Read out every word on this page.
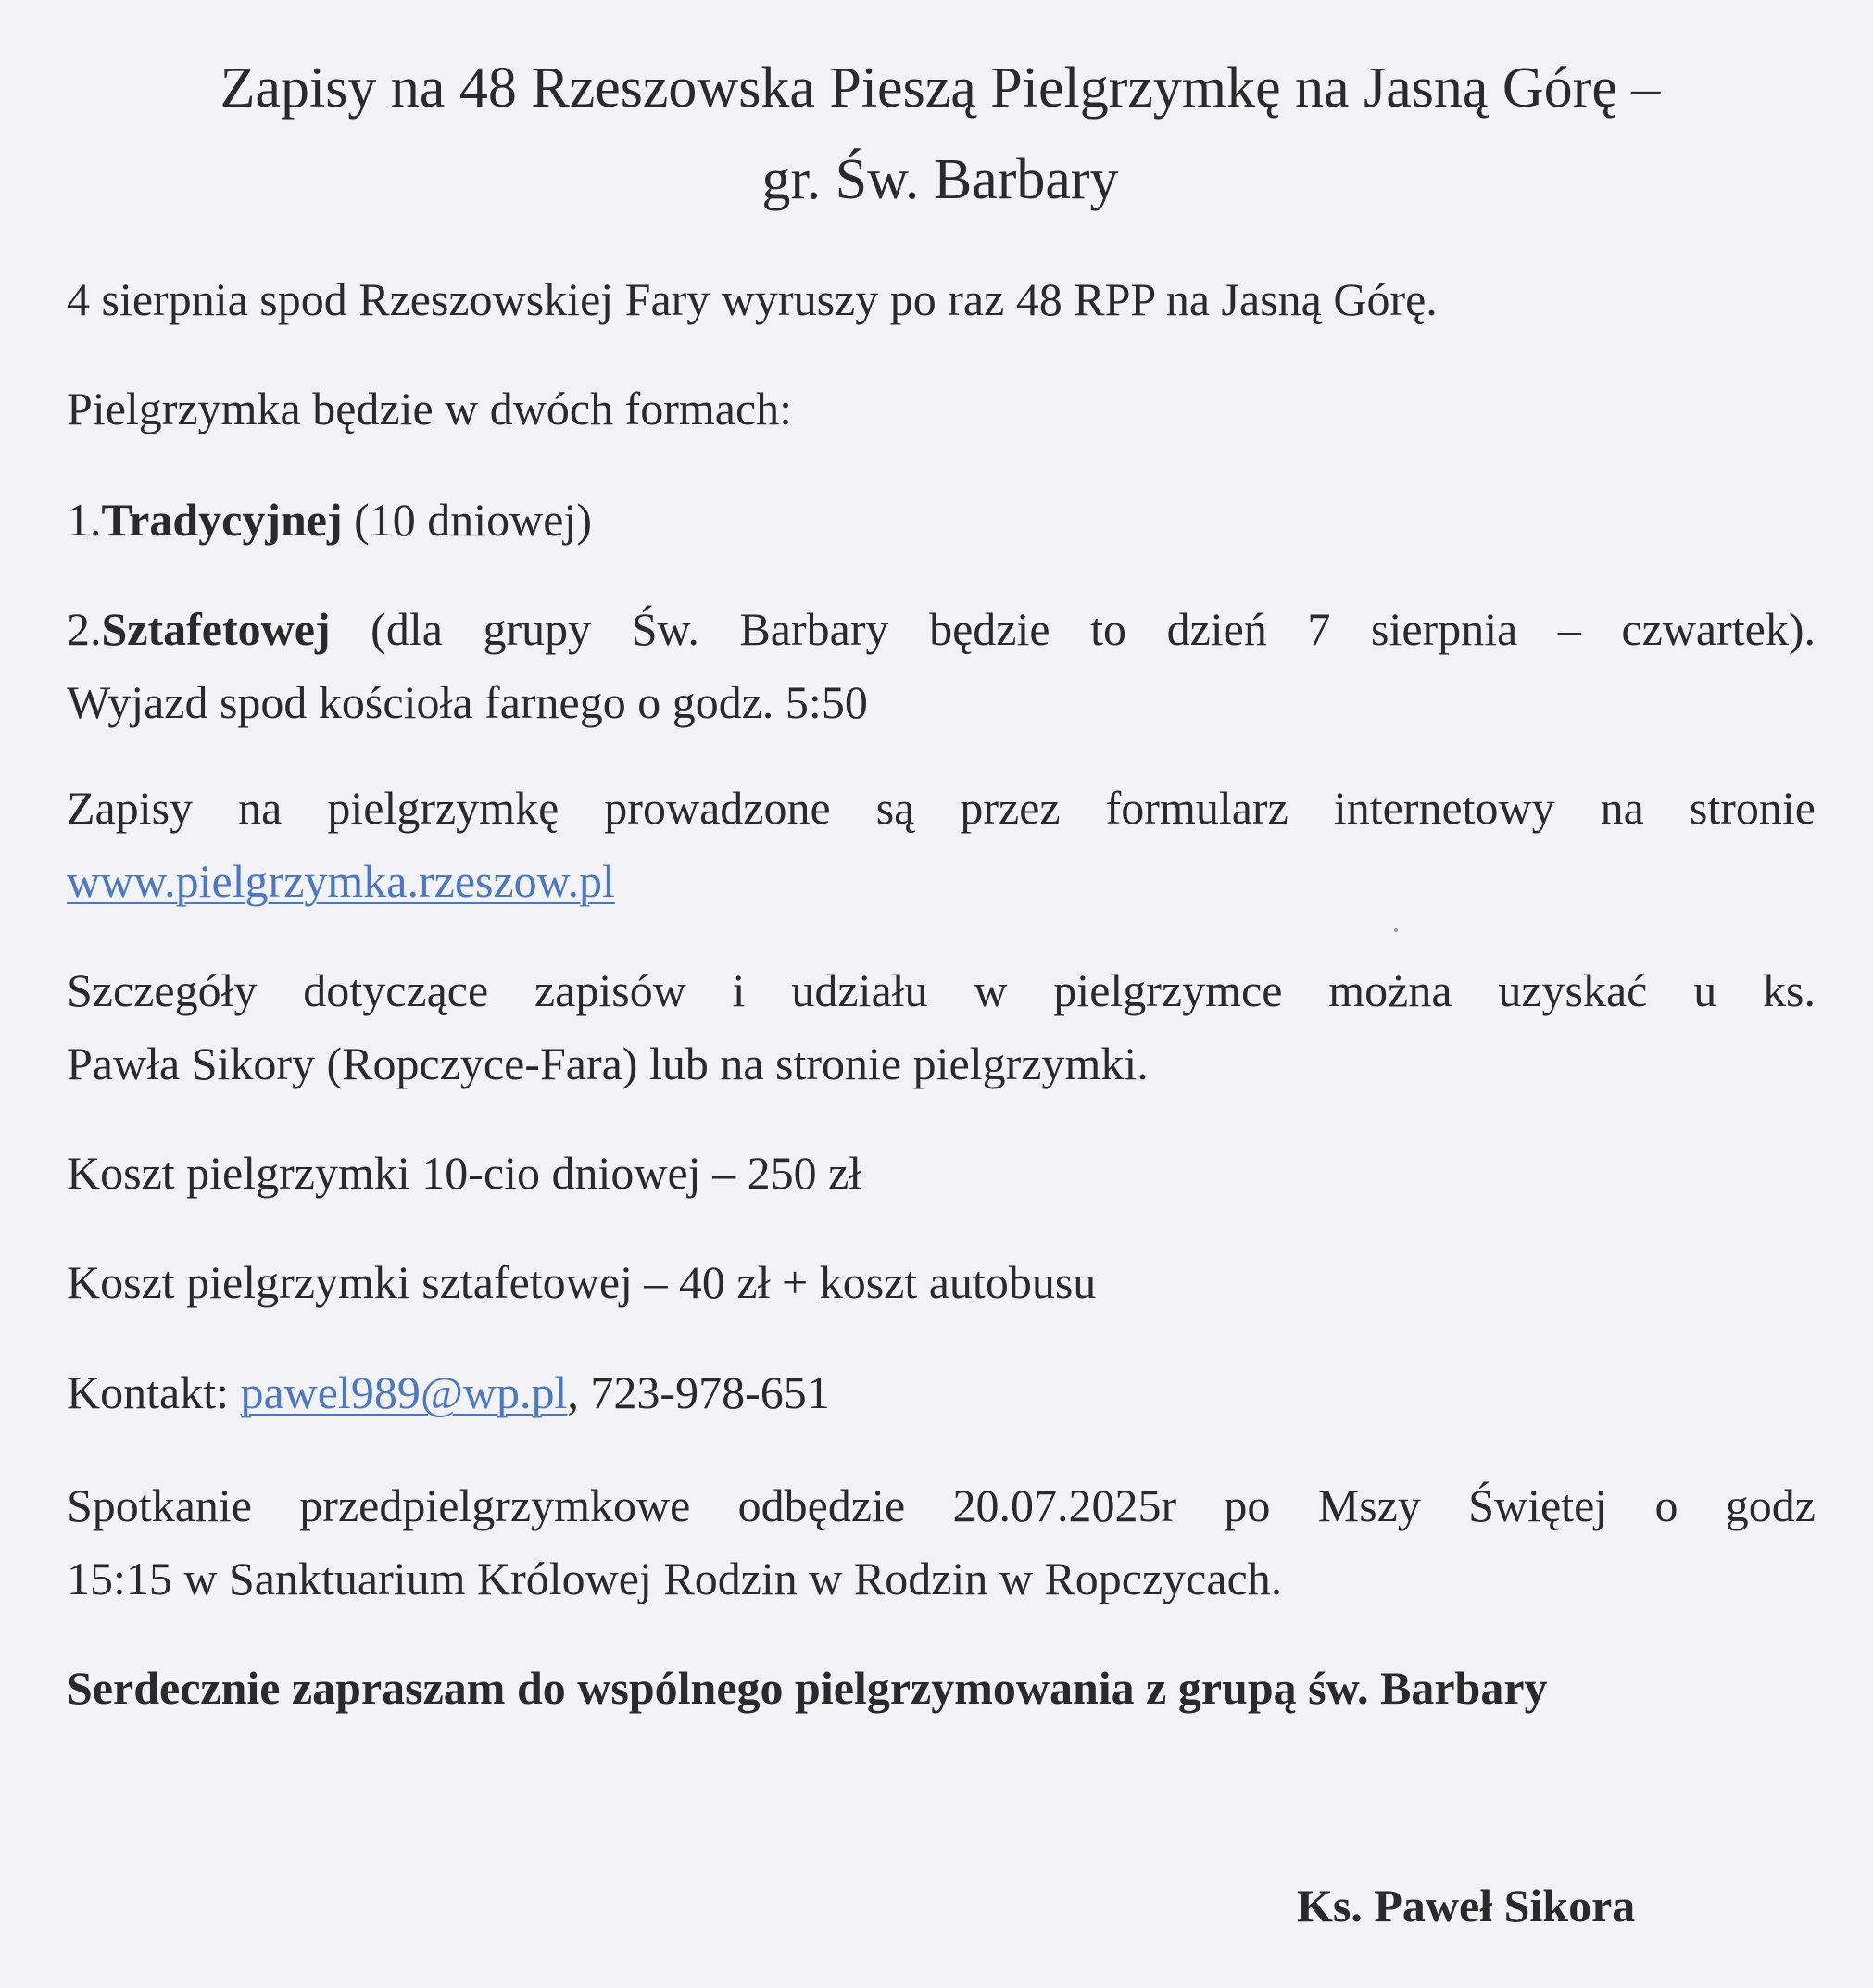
Zapisy na 48 Rzeszowska Pieszą Pielgrzymkę na Jasną Górę –
gr. Św. Barbary

4 sierpnia spod Rzeszowskiej Fary wyruszy po raz 48 RPP na Jasną Górę.

Pielgrzymka będzie w dwóch formach:

1.Tradycyjnej (10 dniowej)

2.Sztafetowej (dla grupy Św. Barbary będzie to dzień 7 sierpnia – czwartek).
Wyjazd spod kościoła farnego o godz. 5:50

Zapisy na pielgrzymkę prowadzone są przez formularz internetowy na stronie
www.pielgrzymka.rzeszow.pl

Szczegóły dotyczące zapisów i udziału w pielgrzymce można uzyskać u ks.
Pawła Sikory (Ropczyce-Fara) lub na stronie pielgrzymki.

Koszt pielgrzymki 10-cio dniowej – 250 zł

Koszt pielgrzymki sztafetowej – 40 zł + koszt autobusu

Kontakt: pawel989@wp.pl, 723-978-651

Spotkanie przedpielgrzymkowe odbędzie 20.07.2025r po Mszy Świętej o godz
15:15 w Sanktuarium Królowej Rodzin w Rodzin w Ropczycach.

Serdecznie zapraszam do wspólnego pielgrzymowania z grupą św. Barbary

Ks. Paweł Sikora
